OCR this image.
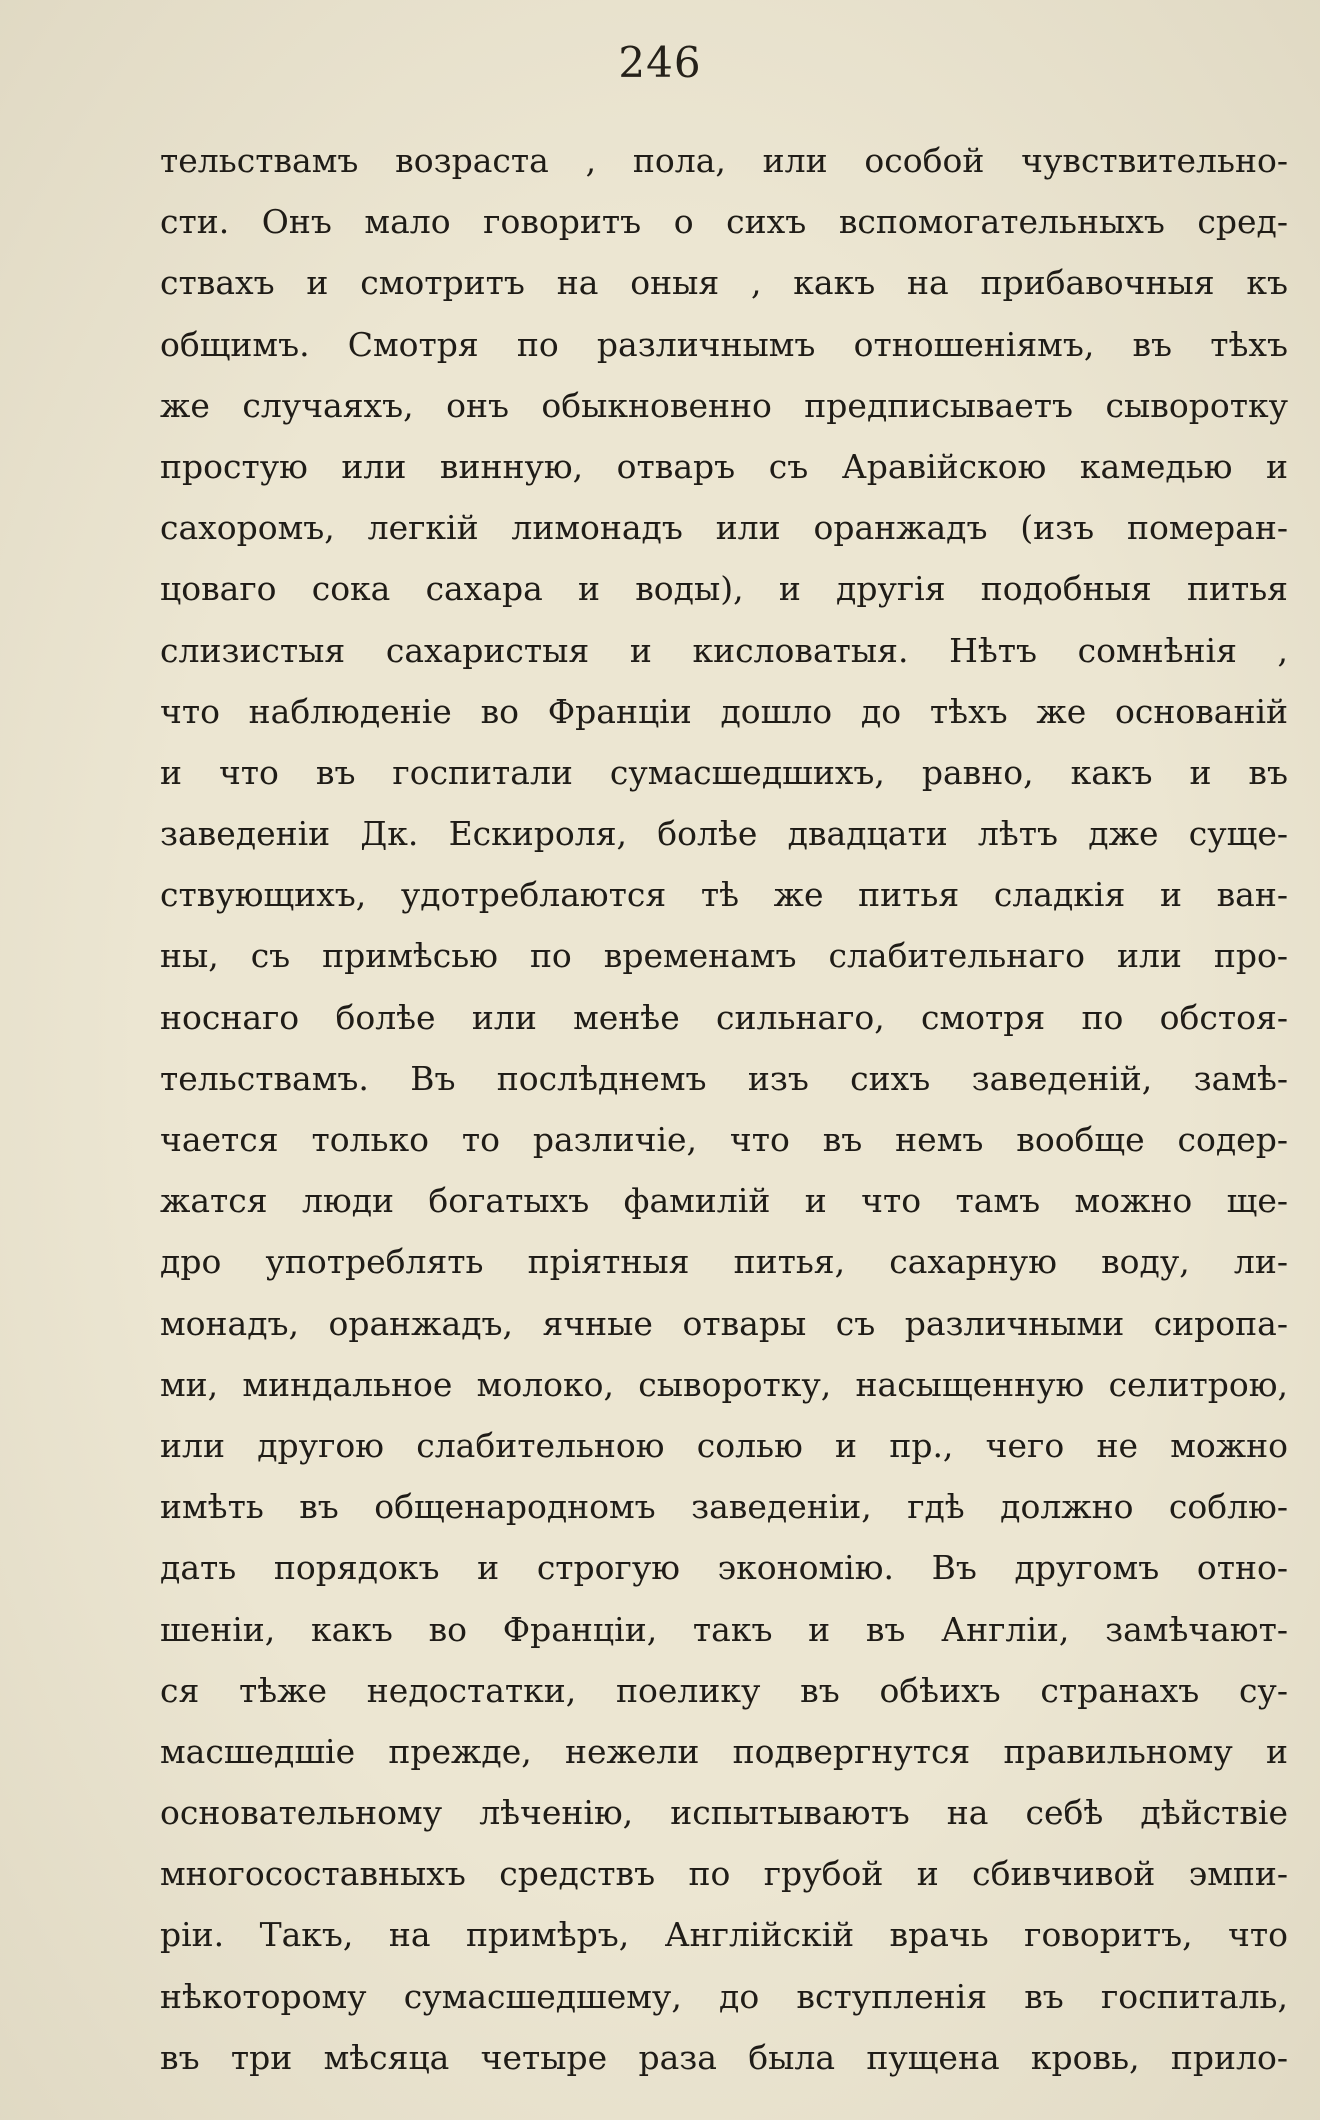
246
тельствамъ возраста , пола, или особой чувствительно-
сти. Онъ мало говоритъ о сихъ вспомогательныхъ сред-
ствахъ и смотритъ на оныя , какъ на прибавочныя къ
общимъ. Смотря по различнымъ отношеніямъ, въ тѣхъ
же случаяхъ, онъ обыкновенно предписываетъ сыворотку
простую или винную, отваръ съ Аравійскою камедью и
сахоромъ, легкій лимонадъ или оранжадъ (изъ померан-
цоваго сока сахара и воды), и другія подобныя питья
слизистыя сахаристыя и кисловатыя. Нѣтъ сомнѣнія ,
что наблюденіе во Франціи дошло до тѣхъ же основаній
и что въ госпитали сумасшедшихъ, равно, какъ и въ
заведеніи Дк. Ескироля, болѣе двадцати лѣтъ дже суще-
ствующихъ, удотреблаются тѣ же питья сладкія и ван-
ны, съ примѣсью по временамъ слабительнаго или про-
носнаго болѣе или менѣе сильнаго, смотря по обстоя-
тельствамъ. Въ послѣднемъ изъ сихъ заведеній, замѣ-
чается только то различіе, что въ немъ вообще содер-
жатся люди богатыхъ фамилій и что тамъ можно ще-
дро употреблять пріятныя питья, сахарную воду, ли-
монадъ, оранжадъ, ячные отвары съ различными сиропа-
ми, миндальное молоко, сыворотку, насыщенную селитрою,
или другою слабительною солью и пр., чего не можно
имѣть въ общенародномъ заведеніи, гдѣ должно соблю-
дать порядокъ и строгую экономію. Въ другомъ отно-
шеніи, какъ во Франціи, такъ и въ Англіи, замѣчают-
ся тѣже недостатки, поелику въ обѣихъ странахъ су-
масшедшіе прежде, нежели подвергнутся правильному и
основательному лѣченію, испытываютъ на себѣ дѣйствіе
многосоставныхъ средствъ по грубой и сбивчивой эмпи-
ріи. Такъ, на примѣръ, Англійскій врачь говоритъ, что
нѣкоторому сумасшедшему, до вступленія въ госпиталь,
въ три мѣсяца четыре раза была пущена кровь, прило-
